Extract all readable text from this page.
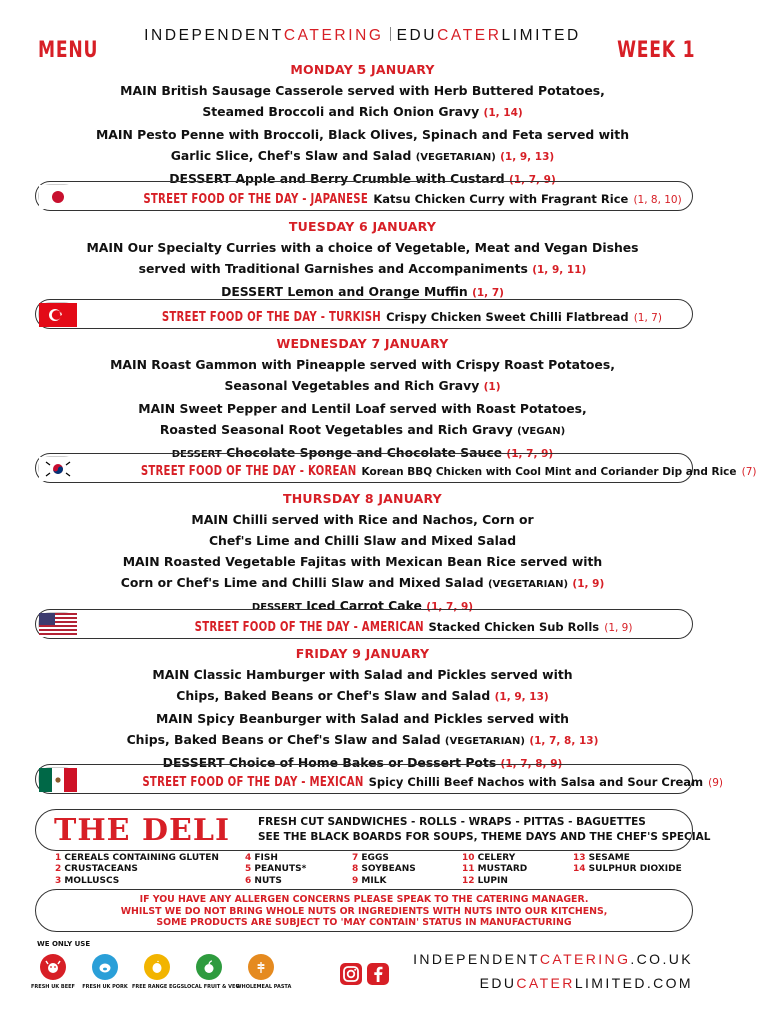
MENU
INDEPENDENTCATERING EDUCATERLIMITED
WEEK 1
MONDAY 5 JANUARY
MAIN British Sausage Casserole served with Herb Buttered Potatoes,
Steamed Broccoli and Rich Onion Gravy (1, 14)
MAIN Pesto Penne with Broccoli, Black Olives, Spinach and Feta served with
Garlic Slice, Chef's Slaw and Salad (VEGETARIAN) (1, 9, 13)
DESSERT Apple and Berry Crumble with Custard (1, 7, 9)
STREET FOOD OF THE DAY - JAPANESE Katsu Chicken Curry with Fragrant Rice (1, 8, 10)
TUESDAY 6 JANUARY
MAIN Our Specialty Curries with a choice of Vegetable, Meat and Vegan Dishes
served with Traditional Garnishes and Accompaniments (1, 9, 11)
DESSERT Lemon and Orange Muffin (1, 7)
STREET FOOD OF THE DAY - TURKISH Crispy Chicken Sweet Chilli Flatbread (1, 7)
WEDNESDAY 7 JANUARY
MAIN Roast Gammon with Pineapple served with Crispy Roast Potatoes,
Seasonal Vegetables and Rich Gravy (1)
MAIN Sweet Pepper and Lentil Loaf served with Roast Potatoes,
Roasted Seasonal Root Vegetables and Rich Gravy (VEGAN)
DESSERT Chocolate Sponge and Chocolate Sauce (1, 7, 9)
STREET FOOD OF THE DAY - KOREAN Korean BBQ Chicken with Cool Mint and Coriander Dip and Rice (7)
THURSDAY 8 JANUARY
MAIN Chilli served with Rice and Nachos, Corn or
Chef's Lime and Chilli Slaw and Mixed Salad
MAIN Roasted Vegetable Fajitas with Mexican Bean Rice served with
Corn or Chef's Lime and Chilli Slaw and Mixed Salad (VEGETARIAN) (1, 9)
DESSERT Iced Carrot Cake (1, 7, 9)
STREET FOOD OF THE DAY - AMERICAN Stacked Chicken Sub Rolls (1, 9)
FRIDAY 9 JANUARY
MAIN Classic Hamburger with Salad and Pickles served with
Chips, Baked Beans or Chef's Slaw and Salad (1, 9, 13)
MAIN Spicy Beanburger with Salad and Pickles served with
Chips, Baked Beans or Chef's Slaw and Salad (VEGETARIAN) (1, 7, 8, 13)
DESSERT Choice of Home Bakes or Dessert Pots (1, 7, 8, 9)
STREET FOOD OF THE DAY - MEXICAN Spicy Chilli Beef Nachos with Salsa and Sour Cream (9)
THE DELI	FRESH CUT SANDWICHES - ROLLS - WRAPS - PITTAS - BAGUETTES
SEE THE BLACK BOARDS FOR SOUPS, THEME DAYS AND THE CHEF'S SPECIAL
1 CEREALS CONTAINING GLUTEN
2 CRUSTACEANS
3 MOLLUSCS
4 FISH
5 PEANUTS*
6 NUTS
7 EGGS
8 SOYBEANS
9 MILK
10 CELERY
11 MUSTARD
12 LUPIN
13 SESAME
14 SULPHUR DIOXIDE
IF YOU HAVE ANY ALLERGEN CONCERNS PLEASE SPEAK TO THE CATERING MANAGER.
WHILST WE DO NOT BRING WHOLE NUTS OR INGREDIENTS WITH NUTS INTO OUR KITCHENS,
SOME PRODUCTS ARE SUBJECT TO 'MAY CONTAIN' STATUS IN MANUFACTURING
WE ONLY USE
FRESH UK BEEF	FRESH UK PORK FREE RANGE EGGS LOCAL FRUIT & VEG
WHOLEMEAL PASTA
INDEPENDENTCATERING.CO.UK
EDUCATERLIMITED.COM
